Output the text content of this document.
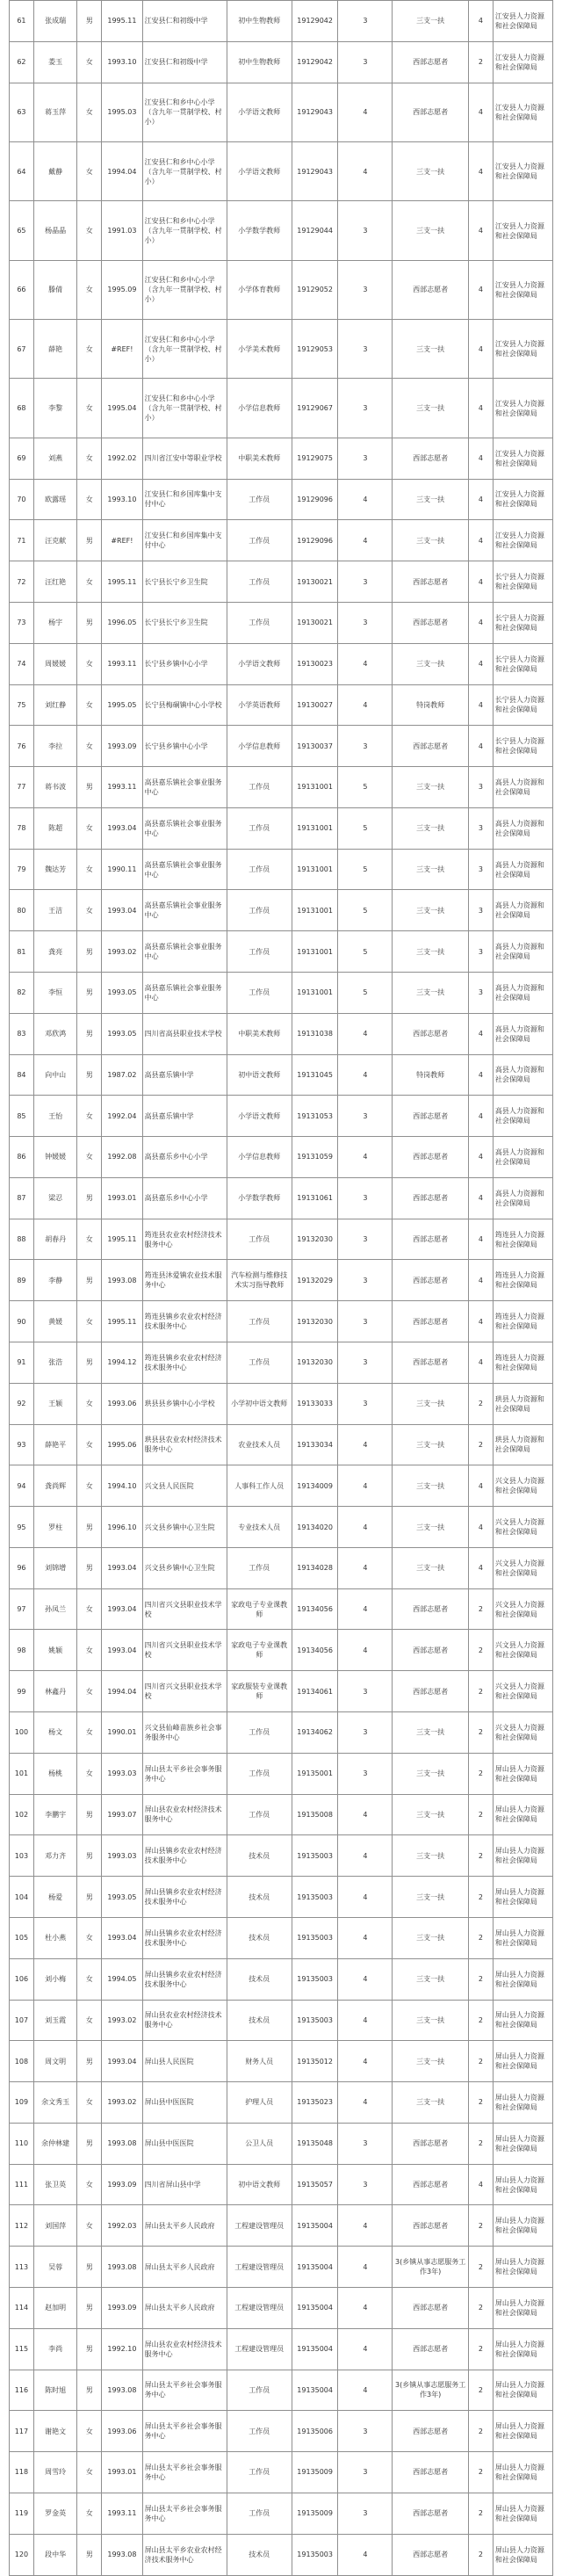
61	张成瑞	男	1995.11	江安县仁和初级中学	初中生物教师	19129042	3	三支一扶	4	江安县人力资源和社会保障局
62	娄玉	女	1993.10	江安县仁和初级中学	初中生物教师	19129042	3	西部志愿者	2	江安县人力资源和社会保障局
63	蒋玉萍	女	1995.03	江安县仁和乡中心小学（含九年一贯制学校、村小）	小学语文教师	19129043	4	西部志愿者	4	江安县人力资源和社会保障局
64	戴静	女	1994.04	江安县仁和乡中心小学（含九年一贯制学校、村小）	小学语文教师	19129043	4	三支一扶	4	江安县人力资源和社会保障局
65	杨晶晶	女	1991.03	江安县仁和乡中心小学（含九年一贯制学校、村小）	小学数学教师	19129044	3	三支一扶	4	江安县人力资源和社会保障局
66	滕倩	女	1995.09	江安县仁和乡中心小学（含九年一贯制学校、村小）	小学体育教师	19129052	3	西部志愿者	4	江安县人力资源和社会保障局
67	薛艳	女	#REF!	江安县仁和乡中心小学（含九年一贯制学校、村小）	小学美术教师	19129053	3	三支一扶	4	江安县人力资源和社会保障局
68	李黎	女	1995.04	江安县仁和乡中心小学（含九年一贯制学校、村小）	小学信息教师	19129067	3	三支一扶	4	江安县人力资源和社会保障局
69	刘燕	女	1992.02	四川省江安中等职业学校	中职美术教师	19129075	3	西部志愿者	4	江安县人力资源和社会保障局
70	欧露瑶	女	1993.10	江安县仁和乡国库集中支付中心	工作员	19129096	4	三支一扶	4	江安县人力资源和社会保障局
71	汪克献	男	#REF!	江安县仁和乡国库集中支付中心	工作员	19129096	4	三支一扶	4	江安县人力资源和社会保障局
72	汪红艳	女	1995.11	长宁县长宁乡卫生院	工作员	19130021	3	西部志愿者	4	长宁县人力资源和社会保障局
73	杨宇	男	1996.05	长宁县长宁乡卫生院	工作员	19130021	3	西部志愿者	4	长宁县人力资源和社会保障局
74	周媛媛	女	1993.11	长宁县乡镇中心小学	小学语文教师	19130023	4	三支一扶	4	长宁县人力资源和社会保障局
75	刘红静	女	1995.05	长宁县梅硐镇中心小学校	小学英语教师	19130027	4	特岗教师	4	长宁县人力资源和社会保障局
76	李拉	女	1993.09	长宁县乡镇中心小学	小学信息教师	19130037	3	西部志愿者	4	长宁县人力资源和社会保障局
77	蒋书波	男	1993.11	高县嘉乐镇社会事业服务中心	工作员	19131001	5	三支一扶	3	高县人力资源和社会保障局
78	陈超	女	1993.04	高县嘉乐镇社会事业服务中心	工作员	19131001	5	三支一扶	3	高县人力资源和社会保障局
79	魏达芳	女	1990.11	高县嘉乐镇社会事业服务中心	工作员	19131001	5	三支一扶	3	高县人力资源和社会保障局
80	王洁	女	1993.04	高县嘉乐镇社会事业服务中心	工作员	19131001	5	三支一扶	3	高县人力资源和社会保障局
81	龚亮	男	1993.02	高县嘉乐镇社会事业服务中心	工作员	19131001	5	三支一扶	3	高县人力资源和社会保障局
82	李恒	男	1993.05	高县嘉乐镇社会事业服务中心	工作员	19131001	5	三支一扶	3	高县人力资源和社会保障局
83	邓欣鸿	男	1993.05	四川省高县职业技术学校	中职美术教师	19131038	4	西部志愿者	4	高县人力资源和社会保障局
84	向中山	男	1987.02	高县嘉乐镇中学	初中语文教师	19131045	4	特岗教师	4	高县人力资源和社会保障局
85	王怡	女	1992.04	高县嘉乐镇中学	小学语文教师	19131053	3	西部志愿者	4	高县人力资源和社会保障局
86	钟媛媛	女	1992.08	高县嘉乐乡中心小学	小学信息教师	19131059	4	西部志愿者	4	高县人力资源和社会保障局
87	梁忍	男	1993.01	高县嘉乐乡中心小学	小学数学教师	19131061	3	西部志愿者	4	高县人力资源和社会保障局
88	胡春丹	女	1995.11	筠连县农业农村经济技术服务中心	工作员	19132030	3	西部志愿者	4	筠连县人力资源和社会保障局
89	李静	男	1993.08	筠连县沐爱镇农业技术服务中心	汽车检测与维修技术实习指导教师	19132029	3	西部志愿者	4	筠连县人力资源和社会保障局
90	黄媛	女	1995.11	筠连县镇乡农业农村经济技术服务中心	工作员	19132030	3	西部志愿者	4	筠连县人力资源和社会保障局
91	张浩	男	1994.12	筠连县镇乡农业农村经济技术服务中心	工作员	19132030	3	西部志愿者	4	筠连县人力资源和社会保障局
92	王颖	女	1993.06	珙县县乡镇中心小学校	小学初中语文教师	19133033	3	三支一扶	2	珙县人力资源和社会保障局
93	薛艳平	女	1995.06	珙县县农业农村经济技术服务中心	农业技术人员	19133034	4	三支一扶	2	珙县人力资源和社会保障局
94	龚尚辉	女	1994.10	兴文县人民医院	人事科工作人员	19134009	4	三支一扶	4	兴文县人力资源和社会保障局
95	罗柱	男	1996.10	兴文县乡镇中心卫生院	专业技术人员	19134020	4	三支一扶	4	兴文县人力资源和社会保障局
96	刘锦增	男	1993.04	兴文县乡镇中心卫生院	工作员	19134028	4	三支一扶	4	兴文县人力资源和社会保障局
97	孙凤兰	女	1993.04	四川省兴文县职业技术学校	家政电子专业课教师	19134056	4	西部志愿者	2	兴文县人力资源和社会保障局
98	姚颖	女	1993.04	四川省兴文县职业技术学校	家政电子专业课教师	19134056	4	西部志愿者	2	兴文县人力资源和社会保障局
99	林鑫丹	女	1994.04	四川省兴文县职业技术学校	家政服装专业课教师	19134061	3	西部志愿者	2	兴文县人力资源和社会保障局
100	杨文	女	1990.01	兴文县仙峰苗族乡社会事务服务中心	工作员	19134062	3	三支一扶	2	兴文县人力资源和社会保障局
101	杨桃	女	1993.03	屏山县太平乡社会事务服务中心	工作员	19135001	3	三支一扶	2	屏山县人力资源和社会保障局
102	李鹏宇	男	1993.07	屏山县农业农村经济技术服务中心	工作员	19135008	4	三支一扶	2	屏山县人力资源和社会保障局
103	邓力齐	男	1993.03	屏山县镇乡农业农村经济技术服务中心	技术员	19135003	4	三支一扶	2	屏山县人力资源和社会保障局
104	杨爱	男	1993.05	屏山县镇乡农业农村经济技术服务中心	技术员	19135003	4	三支一扶	2	屏山县人力资源和社会保障局
105	杜小燕	女	1993.04	屏山县镇乡农业农村经济技术服务中心	技术员	19135003	4	三支一扶	2	屏山县人力资源和社会保障局
106	刘小梅	女	1994.05	屏山县镇乡农业农村经济技术服务中心	技术员	19135003	4	三支一扶	2	屏山县人力资源和社会保障局
107	刘玉霞	女	1993.02	屏山县农业农村经济技术服务中心	技术员	19135003	4	三支一扶	2	屏山县人力资源和社会保障局
108	周文明	男	1993.04	屏山县人民医院	财务人员	19135012	4	三支一扶	2	屏山县人力资源和社会保障局
109	余文秀玉	女	1993.02	屏山县中医医院	护理人员	19135023	4	三支一扶	2	屏山县人力资源和社会保障局
110	余仲林建	男	1993.08	屏山县中医医院	公卫人员	19135048	3	西部志愿者	2	屏山县人力资源和社会保障局
111	张卫英	女	1993.09	四川省屏山县中学	初中语文教师	19135057	3	西部志愿者	4	屏山县人力资源和社会保障局
112	刘国萍	女	1992.03	屏山县太平乡人民政府	工程建设管理员	19135004	4	西部志愿者	2	屏山县人力资源和社会保障局
113	吴蓉	男	1993.08	屏山县太平乡人民政府	工程建设管理员	19135004	4	3(乡镇从事志愿服务工作3年)	2	屏山县人力资源和社会保障局
114	赵加明	男	1993.09	屏山县太平乡人民政府	工程建设管理员	19135004	4	西部志愿者	2	屏山县人力资源和社会保障局
115	李尚	男	1992.10	屏山县农业农村经济技术服务中心	工程建设管理员	19135004	4	西部志愿者	2	屏山县人力资源和社会保障局
116	陈时旭	男	1993.08	屏山县太平乡社会事务服务中心	工作员	19135004	4	3(乡镇从事志愿服务工作3年)	2	屏山县人力资源和社会保障局
117	谢艳文	女	1993.06	屏山县太平乡社会事务服务中心	工作员	19135006	3	西部志愿者	2	屏山县人力资源和社会保障局
118	周雪玲	女	1993.01	屏山县太平乡社会事务服务中心	工作员	19135009	3	西部志愿者	2	屏山县人力资源和社会保障局
119	罗金英	女	1993.11	屏山县太平乡社会事务服务中心	工作员	19135009	3	西部志愿者	2	屏山县人力资源和社会保障局
120	段中华	男	1993.08	屏山县太平乡农业农村经济技术服务中心	技术员	19135003	4	西部志愿者	2	屏山县人力资源和社会保障局
